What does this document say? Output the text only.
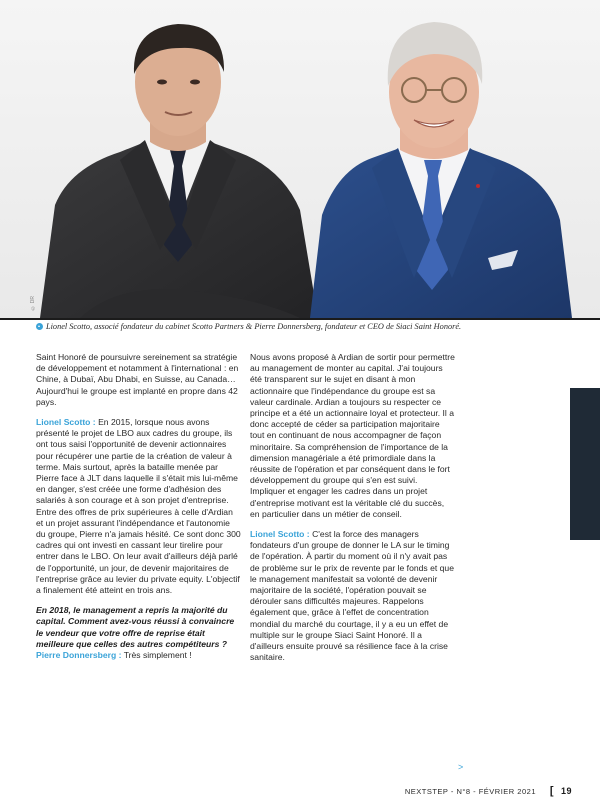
© DR
Lionel Scotto, associé fondateur du cabinet Scotto Partners & Pierre Donnersberg, fondateur et CEO de Siaci Saint Honoré.

Saint Honoré de poursuivre sereinement sa stratégie de développement et notamment à l'international : en Chine, à Dubaï, Abu Dhabi, en Suisse, au Canada… Aujourd'hui le groupe est implanté en propre dans 42 pays.

Lionel Scotto : En 2015, lorsque nous avons présenté le projet de LBO aux cadres du groupe, ils ont tous saisi l'opportunité de devenir actionnaires pour récupérer une partie de la création de valeur à terme. Mais surtout, après la bataille menée par Pierre face à JLT dans laquelle il s'était mis lui-même en danger, s'est créée une forme d'adhésion des salariés à son courage et à son projet d'entreprise. Entre des offres de prix supérieures à celle d'Ardian et un projet assurant l'indépendance et l'autonomie du groupe, Pierre n'a jamais hésité. Ce sont donc 300 cadres qui ont investi en cassant leur tirelire pour entrer dans le LBO. On leur avait d'ailleurs déjà parlé de l'opportunité, un jour, de devenir majoritaires de l'entreprise grâce au levier du private equity. L'objectif a finalement été atteint en trois ans.

En 2018, le management a repris la majorité du capital. Comment avez-vous réussi à convaincre le vendeur que votre offre de reprise était meilleure que celles des autres compétiteurs ?
Pierre Donnersberg : Très simplement !

Nous avons proposé à Ardian de sortir pour permettre au management de monter au capital. J'ai toujours été transparent sur le sujet en disant à mon actionnaire que l'indépendance du groupe est sa valeur cardinale. Ardian a toujours su respecter ce principe et a été un actionnaire loyal et protecteur. Il a donc accepté de céder sa participation majoritaire tout en continuant de nous accompagner de façon minoritaire. Sa compréhension de l'importance de la dimension managériale a été primordiale dans la réussite de l'opération et par conséquent dans le fort développement du groupe qui s'en est suivi. Impliquer et engager les cadres dans un projet d'entreprise motivant est la véritable clé du succès, en particulier dans un métier de conseil.

Lionel Scotto : C'est la force des managers fondateurs d'un groupe de donner le LA sur le timing de l'opération. À partir du moment où il n'y avait pas de problème sur le prix de revente par le fonds et que le management manifestait sa volonté de devenir majoritaire de la société, l'opération pouvait se dérouler sans difficultés majeures. Rappelons également que, grâce à l'effet de concentration mondial du marché du courtage, il y a eu un effet de multiple sur le groupe Siaci Saint Honoré. Il a d'ailleurs ensuite prouvé sa résilience face à la crise sanitaire.

>
NEXTSTEP - N°8 - FÉVRIER 2021 [ 19
